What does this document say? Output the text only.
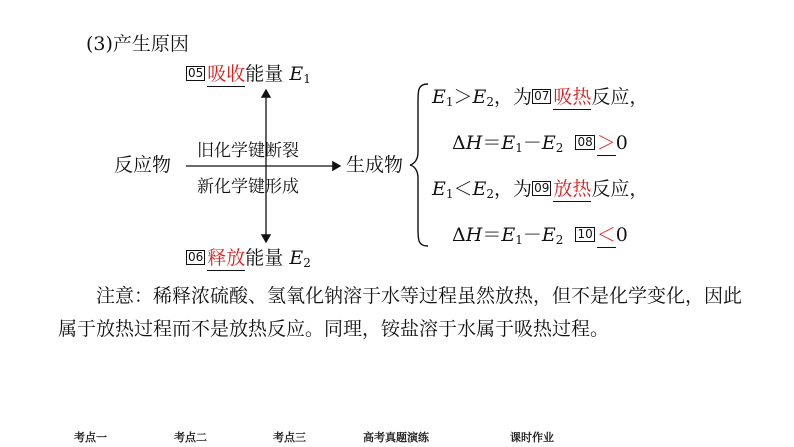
(3)产生原因
05 吸收能量 $E_1$
06 释放能量 $E_2$
反应物
旧化学键断裂
新化学键形成
生成物
$E_1>E_2$，为 07 吸热反应，
$\Delta H=E_1-E_2$ 08 ＞0
$E_1<E_2$，为 09 放热反应，
$\Delta H=E_1-E_2$ 10 ＜0
注意：稀释浓硫酸、氢氧化钠溶于水等过程虽然放热，但不是化学变化，因此属于放热过程而不是放热反应。同理，铵盐溶于水属于吸热过程。
考点一	考点二	考点三	高考真题演练	课时作业
